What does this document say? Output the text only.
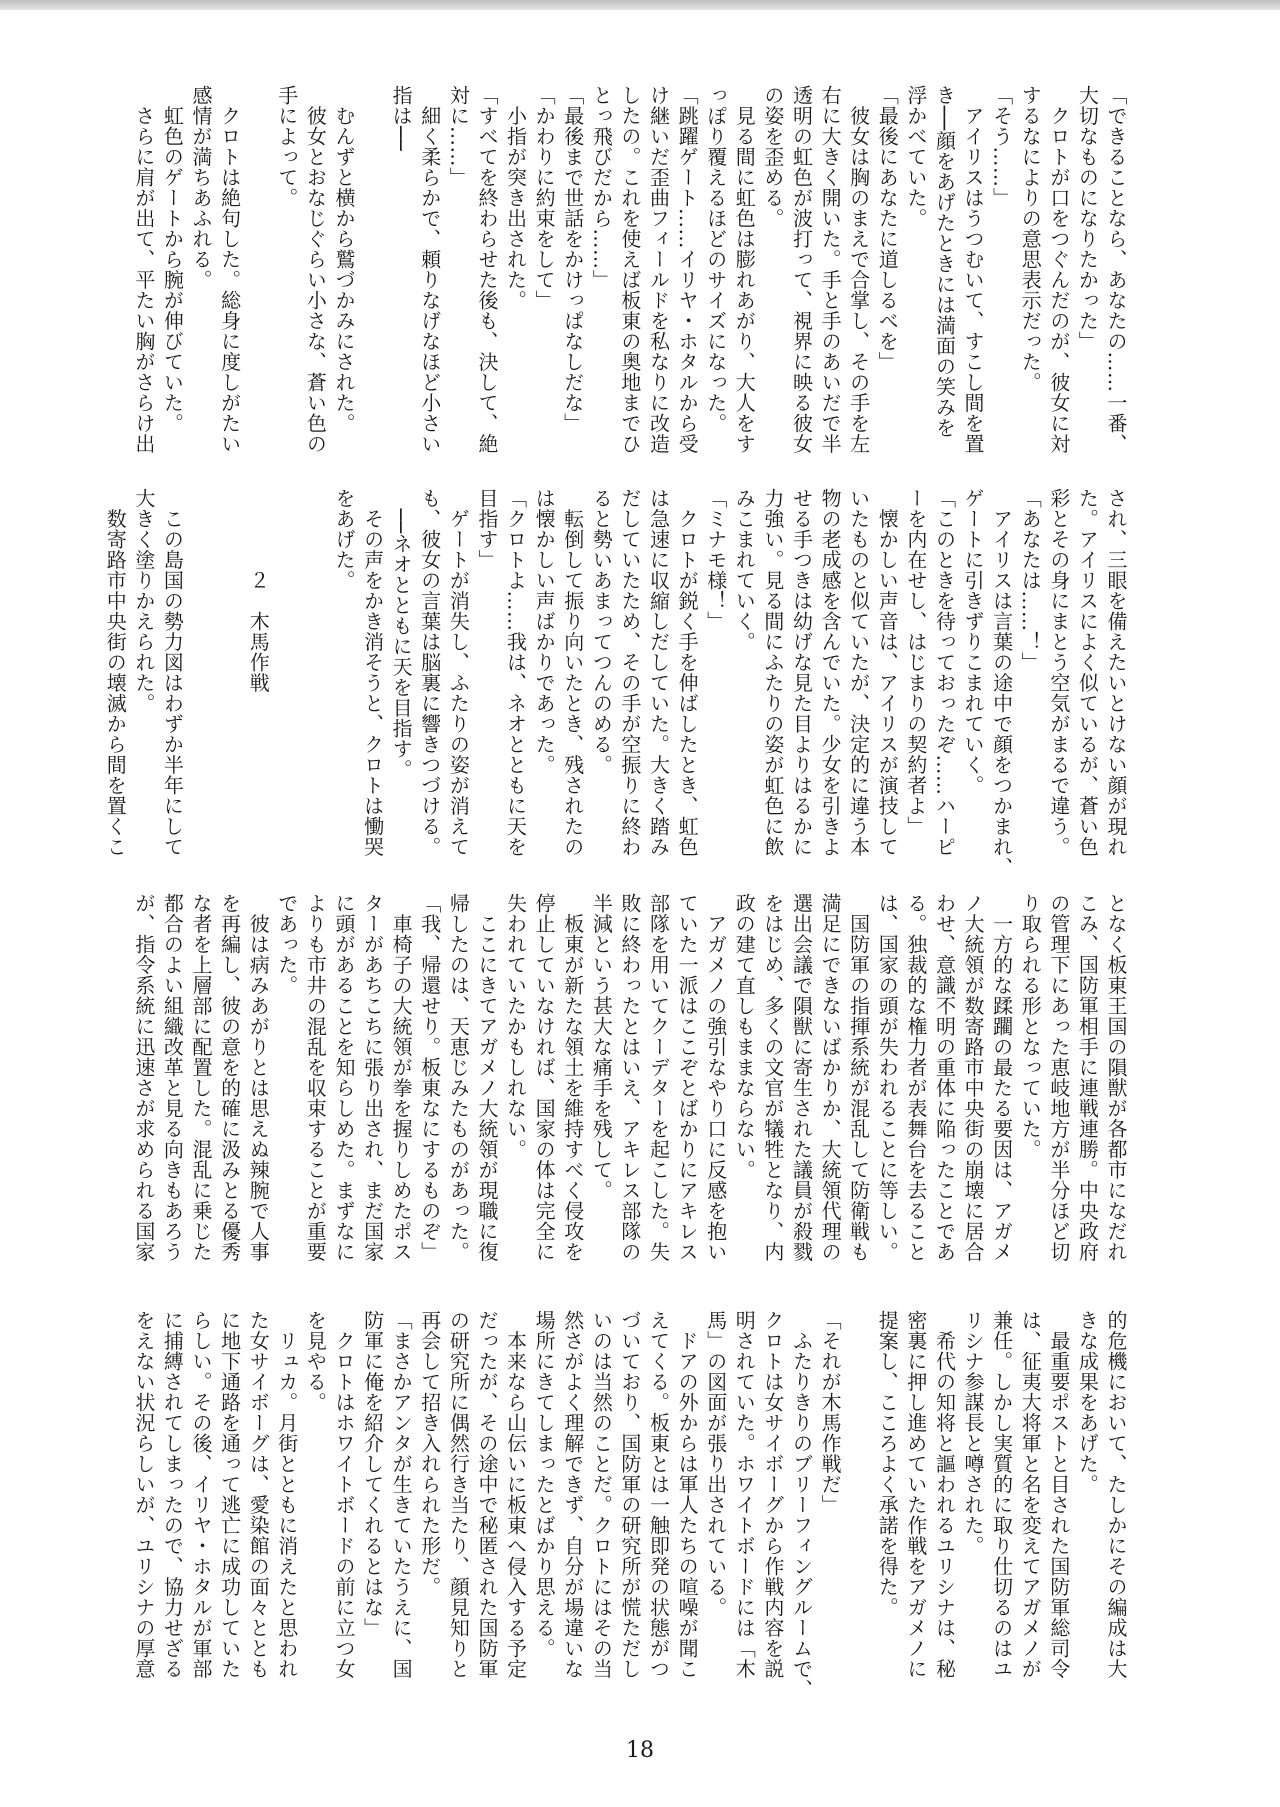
「できることなら、あなたの……一番、

大切なものになりたかった」

　クロトが口をつぐんだのが、彼女に対

するなによりの意思表示だった。

「そう……」

　アイリスはうつむいて、すこし間を置

き──顔をあげたときには満面の笑みを

浮かべていた。

「最後にあなたに道しるべを」

　彼女は胸のまえで合掌し、その手を左

右に大きく開いた。手と手のあいだで半

透明の虹色が波打って、視界に映る彼女

の姿を歪める。

　見る間に虹色は膨れあがり、大人をす

っぽり覆えるほどのサイズになった。

「跳躍ゲート……イリヤ・ホタルから受

け継いだ歪曲フィールドを私なりに改造

したの。これを使えば板東の奥地までひ

とっ飛びだから……」

「最後まで世話をかけっぱなしだな」

「かわりに約束をして」

　小指が突き出された。

「すべてを終わらせた後も、決して、絶

対に……」

　細く柔らかで、頼りなげなほど小さい

指は──

　むんずと横から鷲づかみにされた。

　彼女とおなじぐらい小さな、蒼い色の

手によって。

　クロトは絶句した。総身に度しがたい

感情が満ちあふれる。

　虹色のゲートから腕が伸びていた。

　さらに肩が出て、平たい胸がさらけ出

され、三眼を備えたいとけない顔が現れ

た。アイリスによく似ているが、蒼い色

彩とその身にまとう空気がまるで違う。

「あなたは……！」

　アイリスは言葉の途中で顔をつかまれ、

ゲートに引きずりこまれていく。

「このときを待っておったぞ……ハーピ

ーを内在せし、はじまりの契約者よ」

　懐かしい声音は、アイリスが演技して

いたものと似ていたが、決定的に違う本

物の老成感を含んでいた。少女を引きよ

せる手つきは幼げな見た目よりはるかに

力強い。見る間にふたりの姿が虹色に飲

みこまれていく。

「ミナモ様！」

　クロトが鋭く手を伸ばしたとき、虹色

は急速に収縮しだしていた。大きく踏み

だしていたため、その手が空振りに終わ

ると勢いあまってつんのめる。

　転倒して振り向いたとき、残されたの

は懐かしい声ばかりであった。

「クロトよ……我は、ネオとともに天を

目指す」

　ゲートが消失し、ふたりの姿が消えて

も、彼女の言葉は脳裏に響きつづける。

　──ネオとともに天を目指す。

　その声をかき消そうと、クロトは慟哭

をあげた。

　　　　２　木馬作戦

　この島国の勢力図はわずか半年にして

大きく塗りかえられた。

　数寄路市中央街の壊滅から間を置くこ

となく板東王国の隕獣が各都市になだれ

こみ、国防軍相手に連戦連勝。中央政府

の管理下にあった恵岐地方が半分ほど切

り取られる形となっていた。

　一方的な蹂躙の最たる要因は、アガメ

ノ大統領が数寄路市中央街の崩壊に居合

わせ、意識不明の重体に陥ったことであ

る。独裁的な権力者が表舞台を去ること

は、国家の頭が失われることに等しい。

　国防軍の指揮系統が混乱して防衛戦も

満足にできないばかりか、大統領代理の

選出会議で隕獣に寄生された議員が殺戮

をはじめ、多くの文官が犠牲となり、内

政の建て直しもままならない。

　アガメノの強引なやり口に反感を抱い

ていた一派はここぞとばかりにアキレス

部隊を用いてクーデターを起こした。失

敗に終わったとはいえ、アキレス部隊の

半減という甚大な痛手を残して。

　板東が新たな領土を維持すべく侵攻を

停止していなければ、国家の体は完全に

失われていたかもしれない。

　ここにきてアガメノ大統領が現職に復

帰したのは、天恵じみたものがあった。

「我、帰還せり。板東なにするものぞ」

　車椅子の大統領が拳を握りしめたポス

ターがあちこちに張り出され、まだ国家

に頭があることを知らしめた。まずなに

よりも市井の混乱を収束することが重要

であった。

　彼は病みあがりとは思えぬ辣腕で人事

を再編し、彼の意を的確に汲みとる優秀

な者を上層部に配置した。混乱に乗じた

都合のよい組織改革と見る向きもあろう

が、指令系統に迅速さが求められる国家

的危機において、たしかにその編成は大

きな成果をあげた。

　最重要ポストと目された国防軍総司令

は、征夷大将軍と名を変えてアガメノが

兼任。しかし実質的に取り仕切るのはユ

リシナ参謀長と噂された。

　希代の知将と謳われるユリシナは、秘

密裏に押し進めていた作戦をアガメノに

提案し、こころよく承諾を得た。

「それが木馬作戦だ」

　ふたりきりのブリーフィングルームで、

クロトは女サイボーグから作戦内容を説

明されていた。ホワイトボードには「木

馬」の図面が張り出されている。

　ドアの外からは軍人たちの喧噪が聞こ

えてくる。板東とは一触即発の状態がつ

づいており、国防軍の研究所が慌ただし

いのは当然のことだ。クロトにはその当

然さがよく理解できず、自分が場違いな

場所にきてしまったとばかり思える。

　本来なら山伝いに板東へ侵入する予定

だったが、その途中で秘匿された国防軍

の研究所に偶然行き当たり、顔見知りと

再会して招き入れられた形だ。

「まさかアンタが生きていたうえに、国

防軍に俺を紹介してくれるとはな」

　クロトはホワイトボードの前に立つ女

を見やる。

　リュカ。月街とともに消えたと思われ

た女サイボーグは、愛染館の面々ととも

に地下通路を通って逃亡に成功していた

らしい。その後、イリヤ・ホタルが軍部

に捕縛されてしまったので、協力せざる

をえない状況らしいが、ユリシナの厚意

18
